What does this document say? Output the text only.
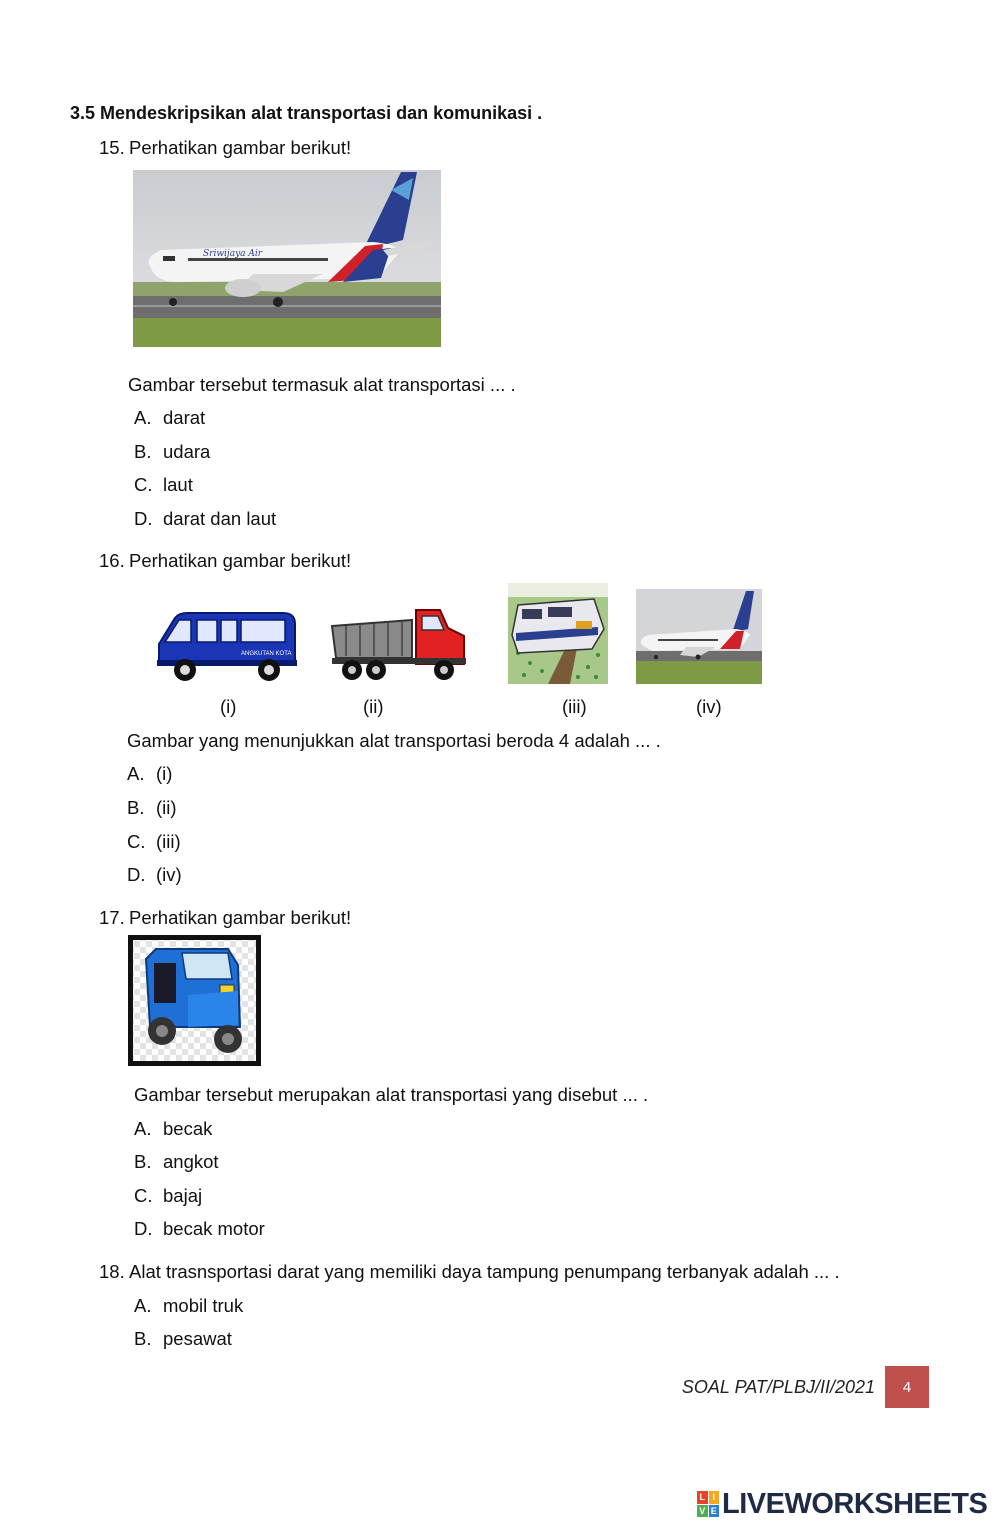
3.5 Mendeskripsikan alat transportasi dan komunikasi .
15. Perhatikan gambar berikut!
Sriwijaya Air
Gambar tersebut termasuk alat transportasi ... .
A. darat
B. udara
C. laut
D. darat dan laut
16. Perhatikan gambar berikut!
ANGKUTAN KOTA
(i)	(ii)	(iii)	(iv)
Gambar yang menunjukkan alat transportasi beroda 4 adalah ... .
A. (i)
B. (ii)
C. (iii)
D. (iv)
17. Perhatikan gambar berikut!
Gambar tersebut merupakan alat transportasi yang disebut ... .
A. becak
B. angkot
C. bajaj
D. becak motor
18. Alat trasnsportasi darat yang memiliki daya tampung penumpang terbanyak adalah ... .
A. mobil truk
B. pesawat
SOAL PAT/PLBJ/II/2021	4
L I
V E LIVEWORKSHEETS
